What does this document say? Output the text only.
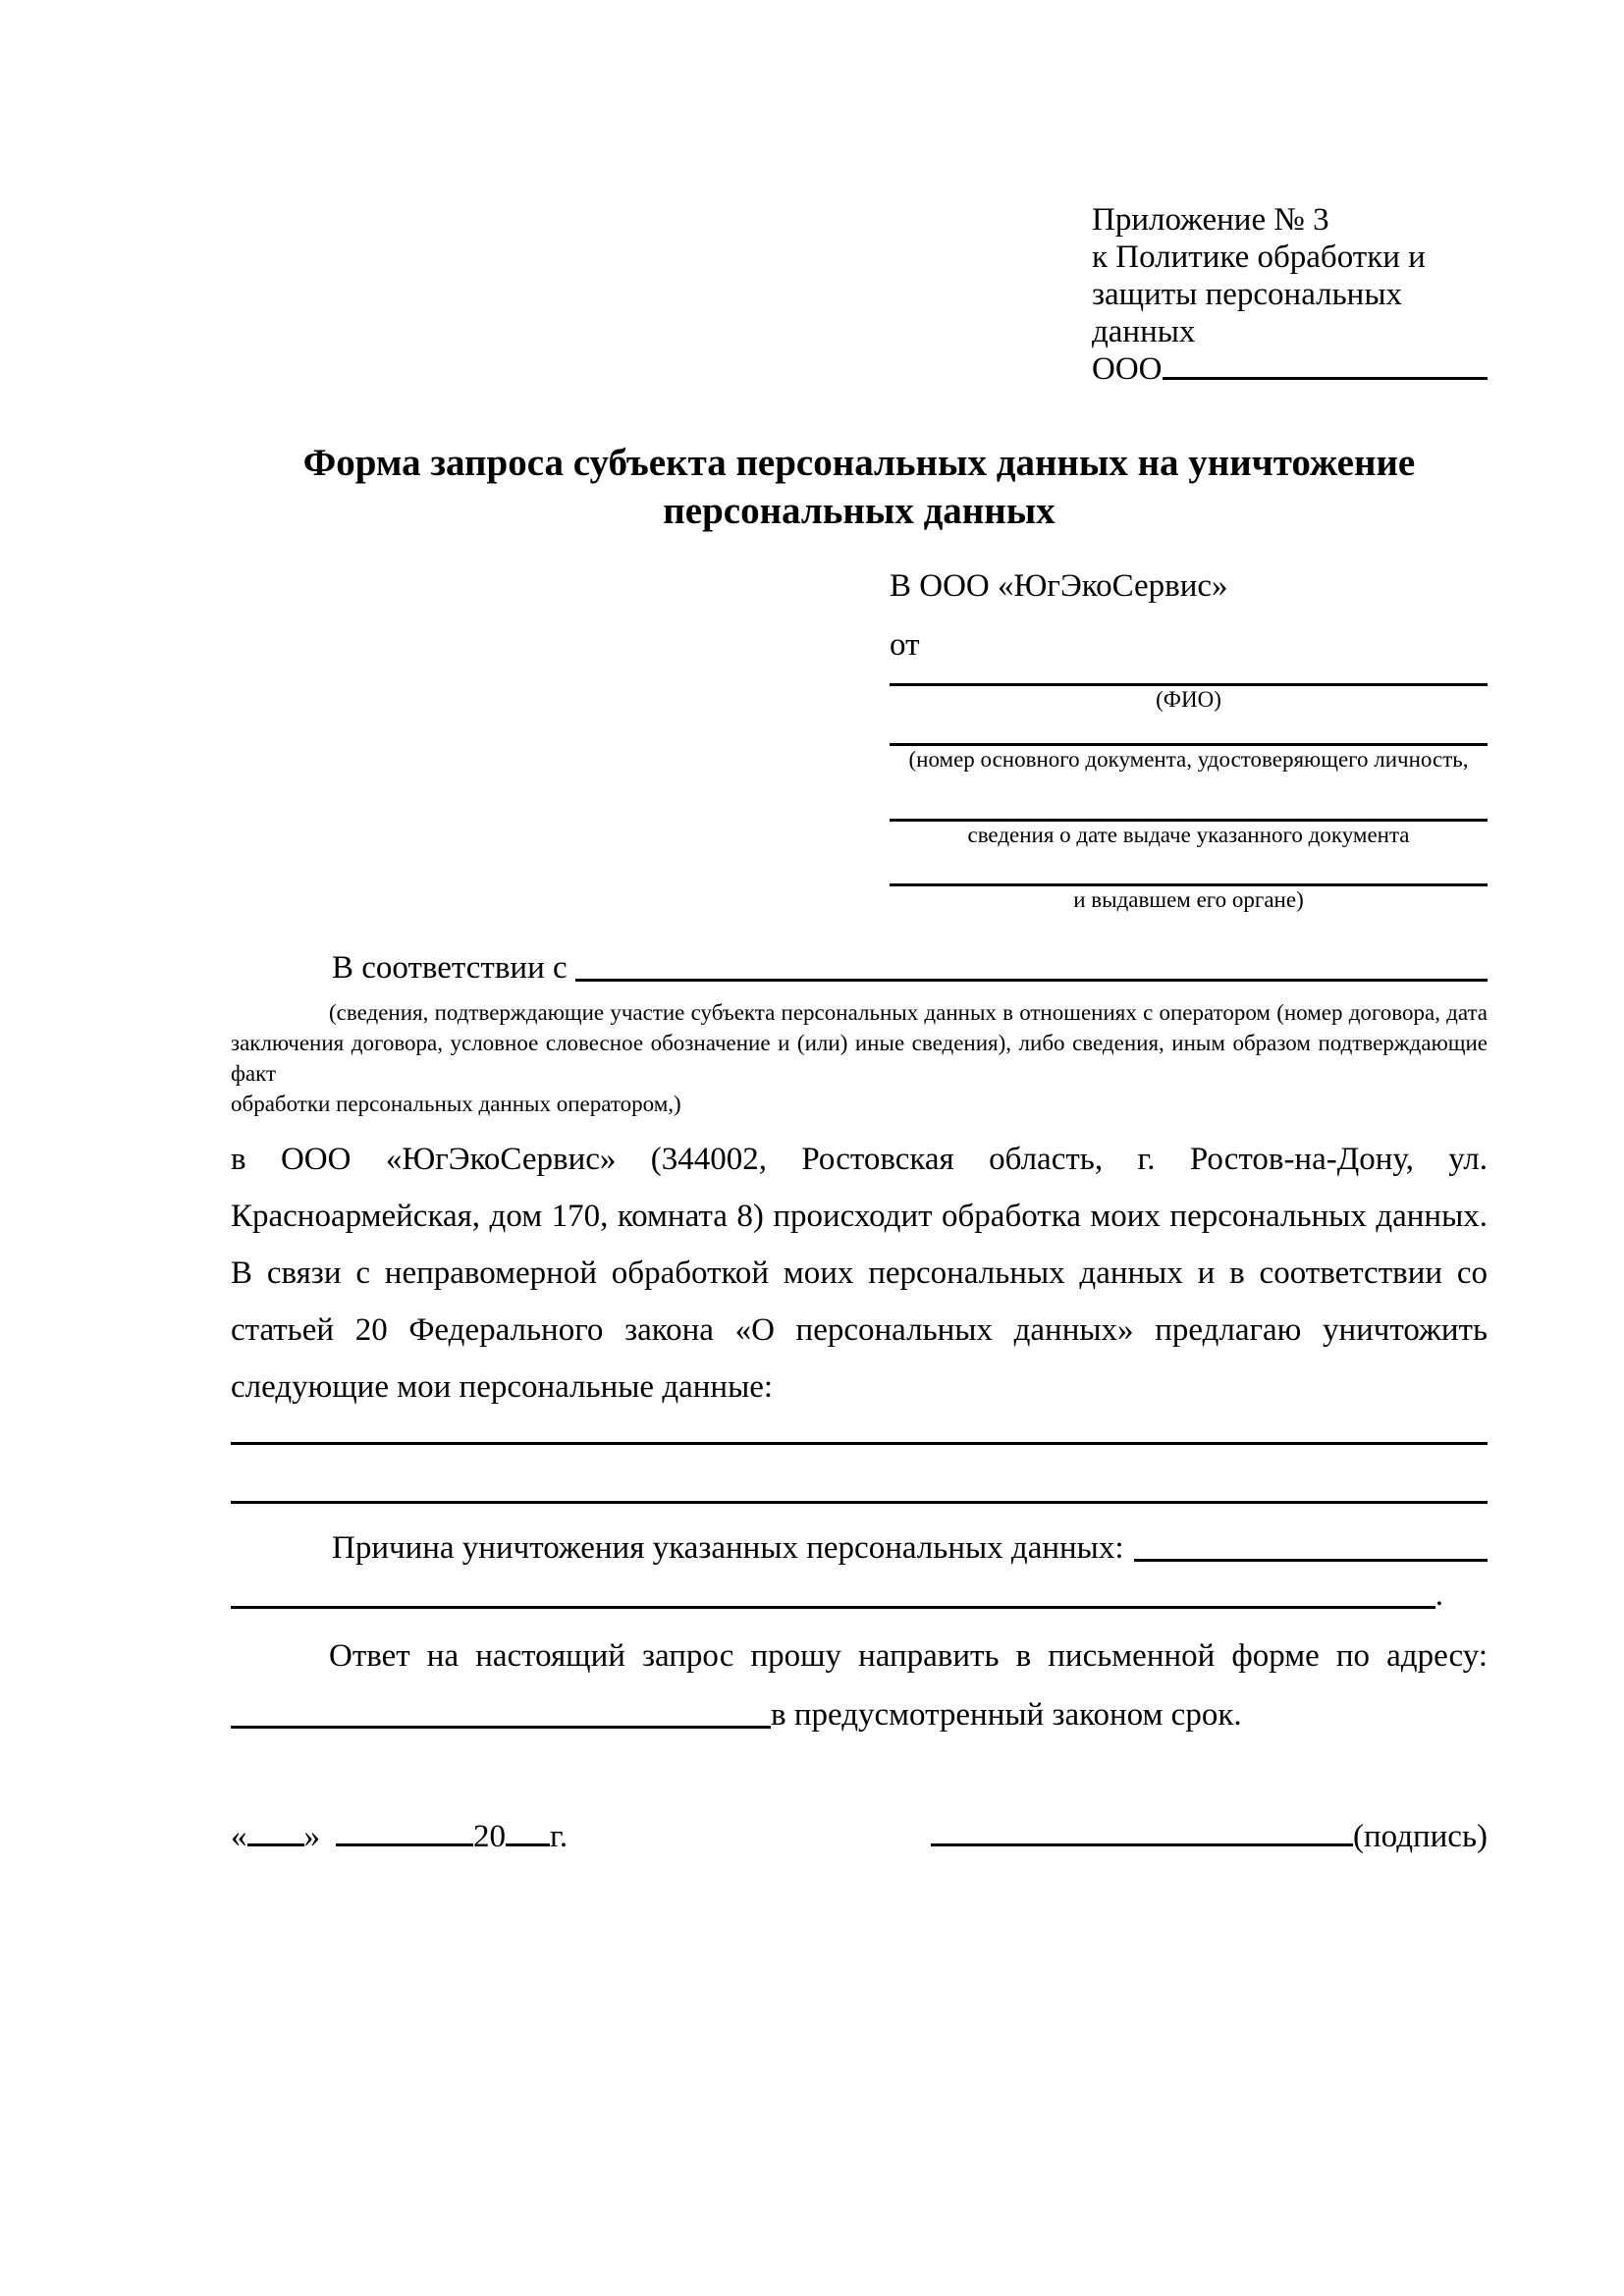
Приложение № 3
к Политике обработки и
защиты персональных данных
ООО
Форма запроса субъекта персональных данных на уничтожение
персональных данных
В ООО «ЮгЭкоСервис»
от
(ФИО)
(номер основного документа, удостоверяющего личность,
сведения о дате выдаче указанного документа
и выдавшем его органе)
В соответствии с
(сведения, подтверждающие участие субъекта персональных данных в отношениях с оператором (номер договора, дата
заключения договора, условное словесное обозначение и (или) иные сведения), либо сведения, иным образом подтверждающие факт
обработки персональных данных оператором,)
в ООО «ЮгЭкоСервис» (344002, Ростовская область, г. Ростов-на-Дону, ул.
Красноармейская, дом 170, комната 8) происходит обработка моих персональных данных.
В связи с неправомерной обработкой моих персональных данных и в соответствии со
статьей 20 Федерального закона «О персональных данных» предлагаю уничтожить
следующие мои персональные данные:
Причина уничтожения указанных персональных данных:
.
Ответ на настоящий запрос прошу направить в письменной форме по адресу:
в предусмотренный законом срок.
« »	20 г.	(подпись)
